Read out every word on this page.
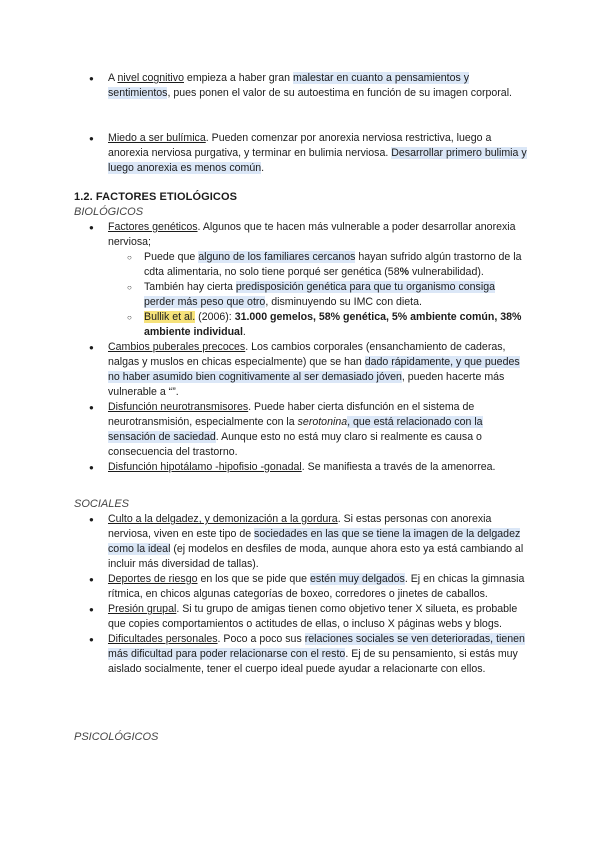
● A nivel cognitivo empieza a haber gran malestar en cuanto a pensamientos y sentimientos, pues ponen el valor de su autoestima en función de su imagen corporal.
● Miedo a ser bulímica. Pueden comenzar por anorexia nerviosa restrictiva, luego a anorexia nerviosa purgativa, y terminar en bulimia nerviosa. Desarrollar primero bulimia y luego anorexia es menos común.
1.2. FACTORES ETIOLÓGICOS
BIOLÓGICOS
● Factores genéticos. Algunos que te hacen más vulnerable a poder desarrollar anorexia nerviosa;
○ Puede que alguno de los familiares cercanos hayan sufrido algún trastorno de la cdta alimentaria, no solo tiene porqué ser genética (58% vulnerabilidad).
○ También hay cierta predisposición genética para que tu organismo consiga perder más peso que otro, disminuyendo su IMC con dieta.
○ Bullik et al. (2006): 31.000 gemelos, 58% genética, 5% ambiente común, 38% ambiente individual.
● Cambios puberales precoces. Los cambios corporales (ensanchamiento de caderas, nalgas y muslos en chicas especialmente) que se han dado rápidamente, y que puedes no haber asumido bien cognitivamente al ser demasiado jóven, pueden hacerte más vulnerable a “”.
● Disfunción neurotransmisores. Puede haber cierta disfunción en el sistema de neurotransmisión, especialmente con la serotonina, que está relacionado con la sensación de saciedad. Aunque esto no está muy claro si realmente es causa o consecuencia del trastorno.
● Disfunción hipotálamo -hipofisio -gonadal. Se manifiesta a través de la amenorrea.
SOCIALES
● Culto a la delgadez, y demonización a la gordura. Si estas personas con anorexia nerviosa, viven en este tipo de sociedades en las que se tiene la imagen de la delgadez como la ideal (ej modelos en desfiles de moda, aunque ahora esto ya está cambiando al incluir más diversidad de tallas).
● Deportes de riesgo en los que se pide que estén muy delgados. Ej en chicas la gimnasia rítmica, en chicos algunas categorías de boxeo, corredores o jinetes de caballos.
● Presión grupal. Si tu grupo de amigas tienen como objetivo tener X silueta, es probable que copies comportamientos o actitudes de ellas, o incluso X páginas webs y blogs.
● Dificultades personales. Poco a poco sus relaciones sociales se ven deterioradas, tienen más dificultad para poder relacionarse con el resto. Ej de su pensamiento, si estás muy aislado socialmente, tener el cuerpo ideal puede ayudar a relacionarte con ellos.
PSICOLÓGICOS
